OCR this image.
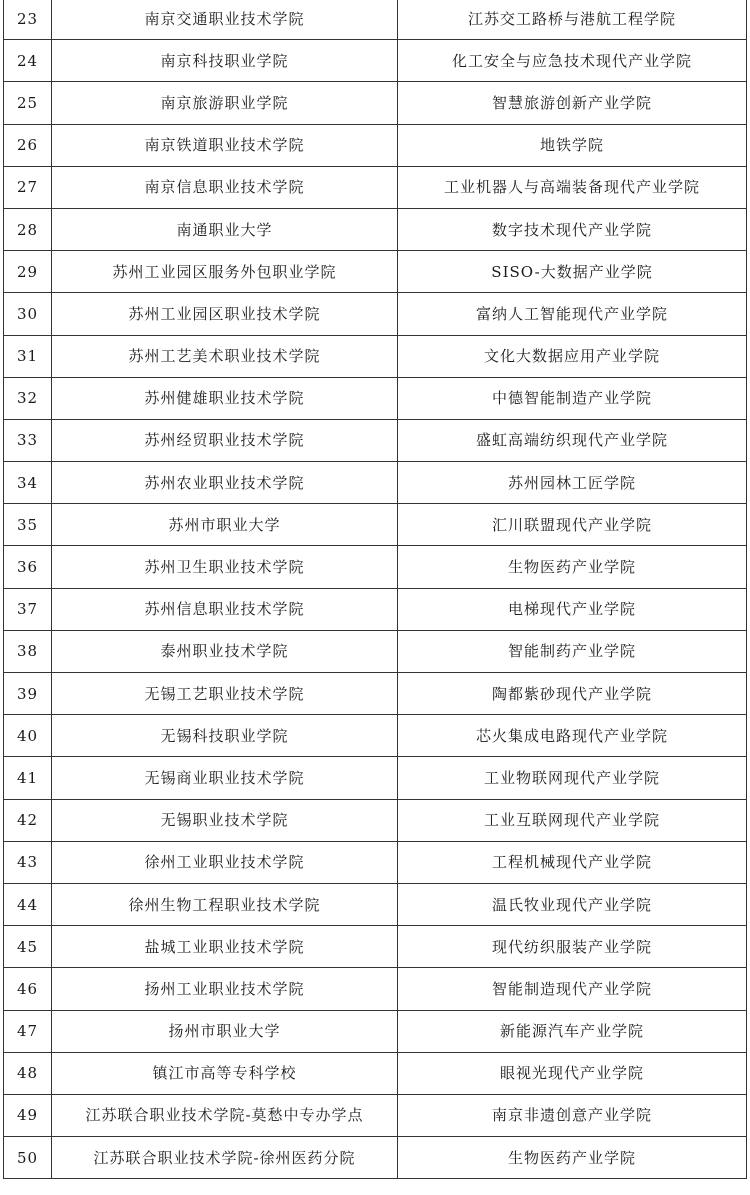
23	南京交通职业技术学院	江苏交工路桥与港航工程学院
24	南京科技职业学院	化工安全与应急技术现代产业学院
25	南京旅游职业学院	智慧旅游创新产业学院
26	南京铁道职业技术学院	地铁学院
27	南京信息职业技术学院	工业机器人与高端装备现代产业学院
28	南通职业大学	数字技术现代产业学院
29	苏州工业园区服务外包职业学院	SISO-大数据产业学院
30	苏州工业园区职业技术学院	富纳人工智能现代产业学院
31	苏州工艺美术职业技术学院	文化大数据应用产业学院
32	苏州健雄职业技术学院	中德智能制造产业学院
33	苏州经贸职业技术学院	盛虹高端纺织现代产业学院
34	苏州农业职业技术学院	苏州园林工匠学院
35	苏州市职业大学	汇川联盟现代产业学院
36	苏州卫生职业技术学院	生物医药产业学院
37	苏州信息职业技术学院	电梯现代产业学院
38	泰州职业技术学院	智能制药产业学院
39	无锡工艺职业技术学院	陶都紫砂现代产业学院
40	无锡科技职业学院	芯火集成电路现代产业学院
41	无锡商业职业技术学院	工业物联网现代产业学院
42	无锡职业技术学院	工业互联网现代产业学院
43	徐州工业职业技术学院	工程机械现代产业学院
44	徐州生物工程职业技术学院	温氏牧业现代产业学院
45	盐城工业职业技术学院	现代纺织服装产业学院
46	扬州工业职业技术学院	智能制造现代产业学院
47	扬州市职业大学	新能源汽车产业学院
48	镇江市高等专科学校	眼视光现代产业学院
49	江苏联合职业技术学院-莫愁中专办学点	南京非遗创意产业学院
50	江苏联合职业技术学院-徐州医药分院	生物医药产业学院
